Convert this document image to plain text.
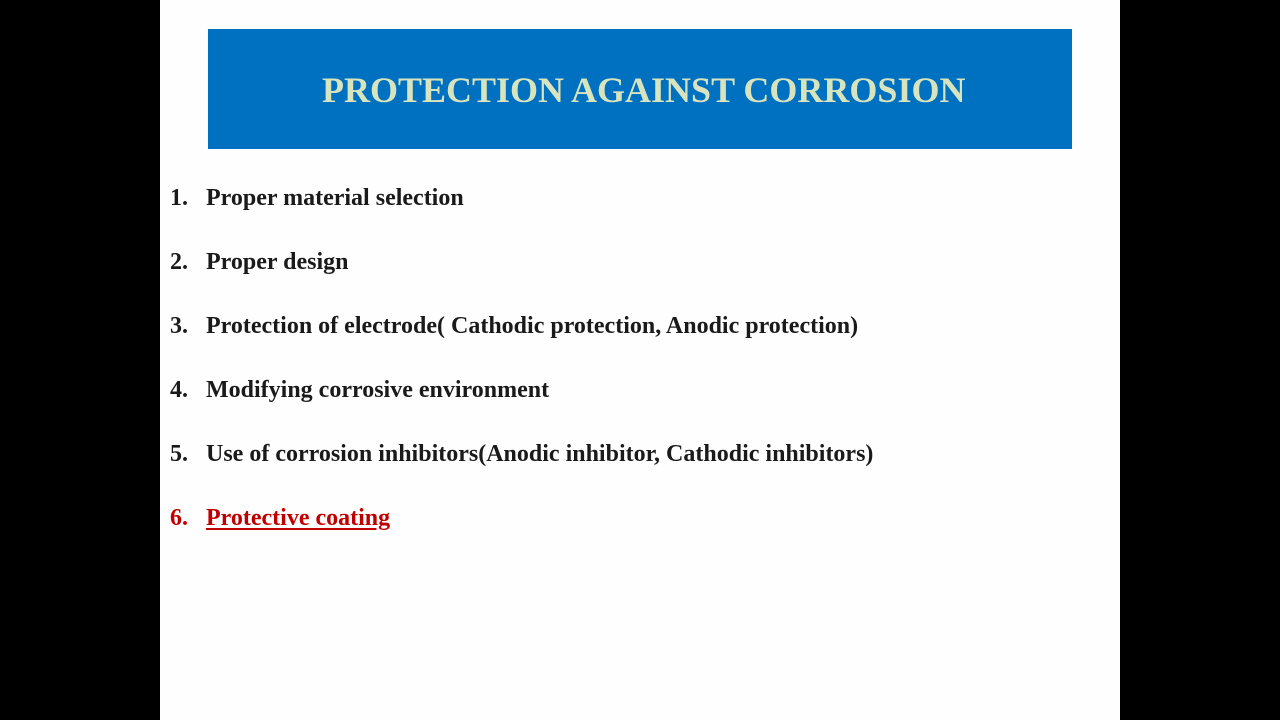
PROTECTION AGAINST CORROSION
1. Proper material selection
2. Proper design
3. Protection of electrode( Cathodic protection, Anodic protection)
4. Modifying corrosive environment
5. Use of corrosion inhibitors(Anodic inhibitor, Cathodic inhibitors)
6. Protective coating
